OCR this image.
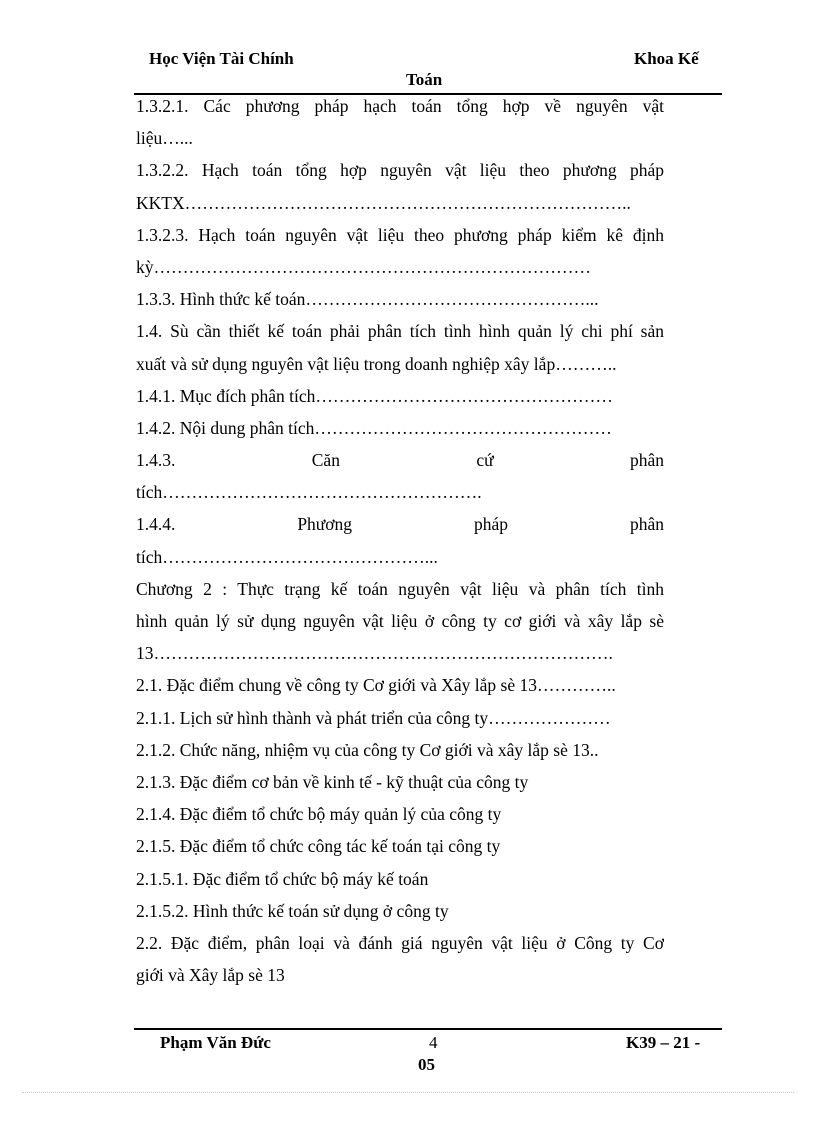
Học Viện Tài Chính	Khoa Kế
Toán
1.3.2.1. Các phương pháp hạch toán tổng hợp về nguyên vật
liệu…...
1.3.2.2. Hạch toán tổng hợp nguyên vật liệu theo phương pháp
KKTX…………………………………………………………………..
1.3.2.3. Hạch toán nguyên vật liệu theo phương pháp kiểm kê định
kỳ…………………………………………………………………
1.3.3. Hình thức kế toán…………………………………………...
1.4. Sù cần thiết kế toán phải phân tích tình hình quản lý chi phí sản
xuất và sử dụng nguyên vật liệu trong doanh nghiệp xây lắp………..
1.4.1. Mục đích phân tích……………………………………………
1.4.2. Nội dung phân tích……………………………………………
1.4.3. Căn cứ phân
tích……………………………………………….
1.4.4. Phương pháp phân
tích………………………………………...
Chương 2 : Thực trạng kế toán nguyên vật liệu và phân tích tình
hình quản lý sử dụng nguyên vật liệu ở công ty cơ giới và xây lắp sè
13…………………………………………………………………….
2.1. Đặc điểm chung về công ty Cơ giới và Xây lắp sè 13…………..
2.1.1. Lịch sử hình thành và phát triển của công ty…………………
2.1.2. Chức năng, nhiệm vụ của công ty Cơ giới và xây lắp sè 13..
2.1.3. Đặc điểm cơ bản về kinh tế - kỹ thuật của công ty
2.1.4. Đặc điểm tổ chức bộ máy quản lý của công ty
2.1.5. Đặc điểm tổ chức công tác kế toán tại công ty
2.1.5.1. Đặc điểm tổ chức bộ máy kế toán
2.1.5.2. Hình thức kế toán sử dụng ở công ty
2.2. Đặc điểm, phân loại và đánh giá nguyên vật liệu ở Công ty Cơ
giới và Xây lắp sè 13
Phạm Văn Đức	4	K39 – 21 -
05
